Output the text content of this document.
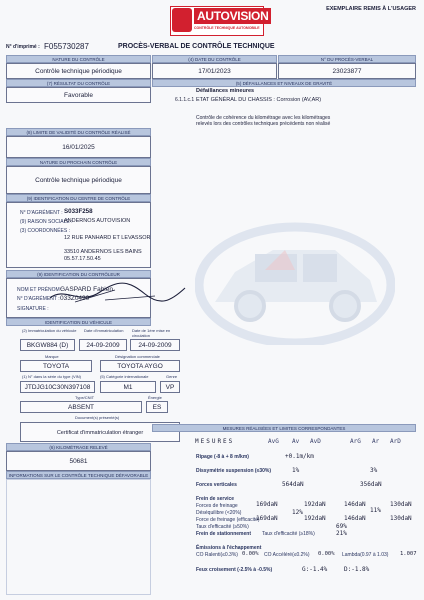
AUTOVISION
CONTRÔLE TECHNIQUE AUTOMOBILE
EXEMPLAIRE REMIS À L'USAGER
N° d'imprimé : F055730287	PROCÈS-VERBAL DE CONTRÔLE TECHNIQUE
NATURE DU CONTRÔLE
Contrôle technique périodique
(4) DATE DU CONTRÔLE
17/01/2023
N° DU PROCÈS-VERBAL
23023877
(7) RÉSULTAT DU CONTRÔLE
Favorable
(5) DÉFAILLANCES ET NIVEAUX DE GRAVITÉ
Défaillances mineures
6.1.1.c.1 ETAT GÉNÉRAL DU CHASSIS : Corrosion (AV,AR)
Contrôle de cohérence du kilométrage avec les kilométrages
relevés lors des contrôles techniques précédents non réalisé
(8) LIMITE DE VALIDITÉ DU CONTRÔLE RÉALISÉ
16/01/2025
NATURE DU PROCHAIN CONTRÔLE
Contrôle technique périodique
(9) IDENTIFICATION DU CENTRE DE CONTRÔLE
N° D'AGRÉMENT : S033F258
(9) RAISON SOCIALE :
ANDERNOS AUTOVISION
(3) COORDONNÉES :
12 RUE PANHARD ET LEVASSOR
33510 ANDERNOS LES BAINS
05.57.17.50.45
(9) IDENTIFICATION DU CONTRÔLEUR
NOM ET PRÉNOM :
GASPARD Fabien
N° D'AGRÉMENT : 033Z0490
SIGNATURE :
IDENTIFICATION DU VÉHICULE
(2) Immatriculation du véhicule Date d'immatriculation Date de 1ère mise en circulation
BKGW884 (D)	24-09-2009	24-09-2009
Marque	Désignation commerciale
TOYOTA	TOYOTA AYGO
(1) N° dans la série du type (VIN)	(5) Catégorie internationale	Genre
JTDJG10C30N397108	M1	VP
Type/CNIT	Énergie
ABSENT	ES
Document(s) présenté(s)
Certificat d'immatriculation étranger
(6) KILOMÉTRAGE RELEVÉ
50681
INFORMATIONS SUR LE CONTRÔLE TECHNIQUE DÉFAVORABLE
MESURES RÉALISÉES ET LIMITES CORRESPONDANTES
MESURES	AvG Av AvD	ArG Ar ArD
Ripage (-8 à + 8 m/km)	+0.1m/km
Dissymétrie suspension (≤30%)	1%	3%
Forces verticales	564daN	356daN
Frein de service
Forces de freinage	169daN	192daN	146daN	130daN
Déséquilibre (<20%)	12%	11%
Force de freinage (efficacité)
169daN	192daN	146daN	130daN
Taux d'efficacité (≥50%)	69%
Frein de stationnement Taux d'efficacité (≥18%)	21%
Émissions à l'échappement
CO Ralenti(≤0.3%) 0.00% CO Accéléré(≤0.2%) 0.00% Lambda(0.97 à 1.03) 1.007
Feux croisement (-2.5% à -0.5%)	G:-1.4%	D:-1.8%
